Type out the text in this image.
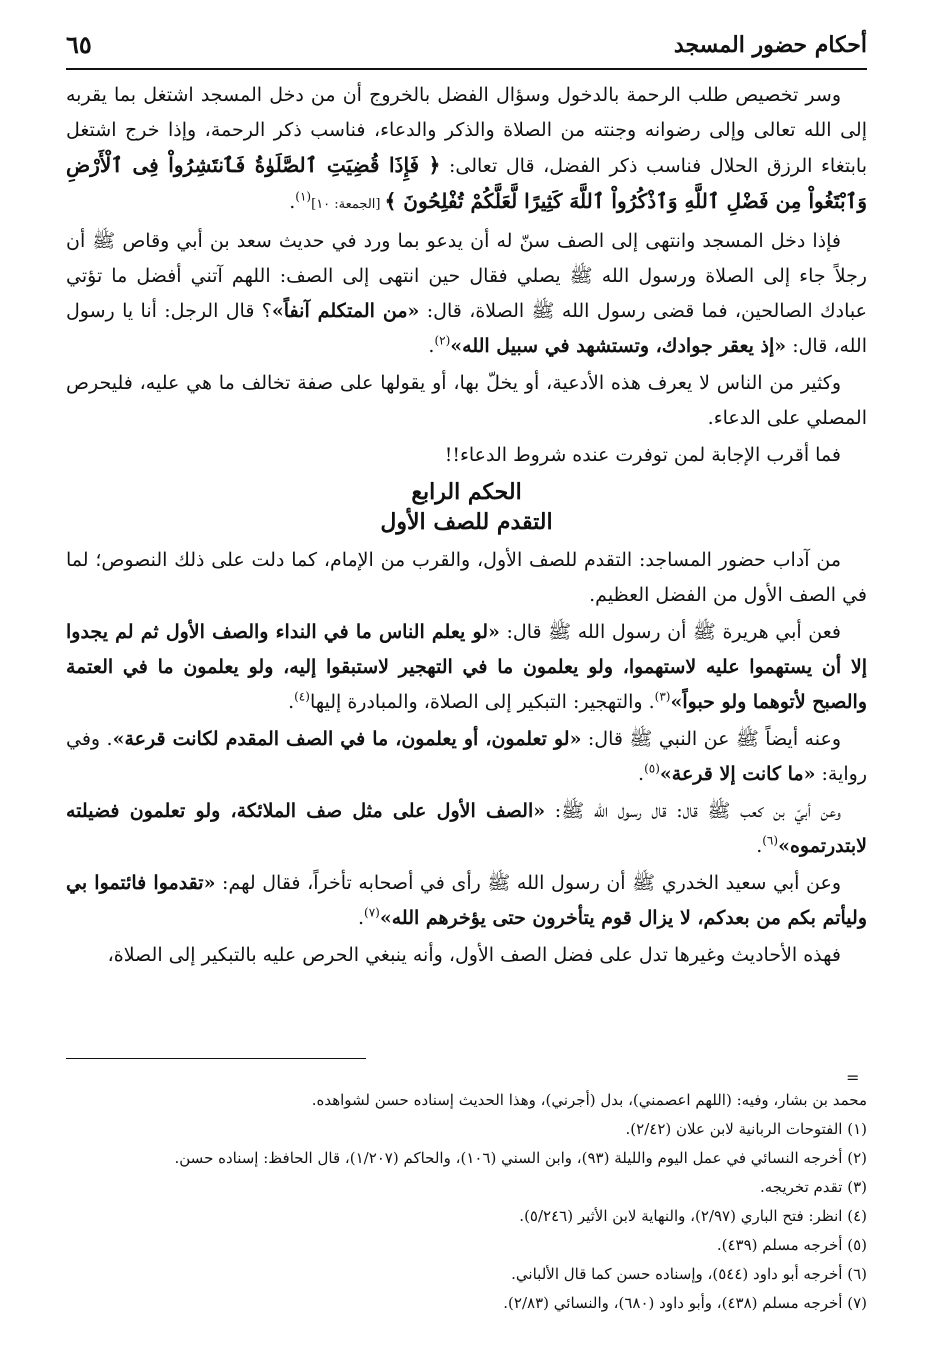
أحكام حضور المسجد
٦٥

وسر تخصيص طلب الرحمة بالدخول وسؤال الفضل بالخروج أن من دخل المسجد اشتغل بما يقربه إلى الله تعالى وإلى رضوانه وجنته من الصلاة والذكر والدعاء، فناسب ذكر الرحمة، وإذا خرج اشتغل بابتغاء الرزق الحلال فناسب ذكر الفضل، قال تعالى: ﴿ فَإِذَا قُضِيَتِ ٱلصَّلَوٰةُ فَٱنتَشِرُواْ فِى ٱلْأَرْضِ وَٱبْتَغُواْ مِن فَضْلِ ٱللَّهِ وَٱذْكُرُواْ ٱللَّهَ كَثِيرًا لَّعَلَّكُمْ تُفْلِحُونَ ﴾ [الجمعة: ١٠]$^{(١)}$.

فإذا دخل المسجد وانتهى إلى الصف سنّ له أن يدعو بما ورد في حديث سعد بن أبي وقاص ﷺ أن رجلاً جاء إلى الصلاة ورسول الله ﷺ يصلي فقال حين انتهى إلى الصف: اللهم آتني أفضل ما تؤتي عبادك الصالحين، فما قضى رسول الله ﷺ الصلاة، قال: «من المتكلم آنفاً»؟ قال الرجل: أنا يا رسول الله، قال: «إذ يعقر جوادك، وتستشهد في سبيل الله»$^{(٢)}$.

وكثير من الناس لا يعرف هذه الأدعية، أو يخلّ بها، أو يقولها على صفة تخالف ما هي عليه، فليحرص المصلي على الدعاء.

فما أقرب الإجابة لمن توفرت عنده شروط الدعاء!!

الحكم الرابع
التقدم للصف الأول

من آداب حضور المساجد: التقدم للصف الأول، والقرب من الإمام، كما دلت على ذلك النصوص؛ لما في الصف الأول من الفضل العظيم.

فعن أبي هريرة ﷺ أن رسول الله ﷺ قال: «لو يعلم الناس ما في النداء والصف الأول ثم لم يجدوا إلا أن يستهموا عليه لاستهموا، ولو يعلمون ما في التهجير لاستبقوا إليه، ولو يعلمون ما في العتمة والصبح لأتوهما ولو حبواً»$^{(٣)}$. والتهجير: التبكير إلى الصلاة، والمبادرة إليها$^{(٤)}$.

وعنه أيضاً ﷺ عن النبي ﷺ قال: «لو تعلمون، أو يعلمون، ما في الصف المقدم لكانت قرعة». وفي رواية: «ما كانت إلا قرعة»$^{(٥)}$.

وعن أبيّ بن كعب ﷺ قال: قال رسول الله ﷺ: «الصف الأول على مثل صف الملائكة، ولو تعلمون فضيلته لابتدرتموه»$^{(٦)}$.

وعن أبي سعيد الخدري ﷺ أن رسول الله ﷺ رأى في أصحابه تأخراً، فقال لهم: «تقدموا فائتموا بي وليأتم بكم من بعدكم، لا يزال قوم يتأخرون حتى يؤخرهم الله»$^{(٧)}$.

فهذه الأحاديث وغيرها تدل على فضل الصف الأول، وأنه ينبغي الحرص عليه بالتبكير إلى الصلاة،

=

محمد بن بشار، وفيه: (اللهم اعصمني)، بدل (أجرني)، وهذا الحديث إسناده حسن لشواهده.

(١) الفتوحات الربانية لابن علان (٢/٤٢).

(٢) أخرجه النسائي في عمل اليوم والليلة (٩٣)، وابن السني (١٠٦)، والحاكم (١/٢٠٧)، قال الحافظ: إسناده حسن.

(٣) تقدم تخريجه.

(٤) انظر: فتح الباري (٢/٩٧)، والنهاية لابن الأثير (٥/٢٤٦).

(٥) أخرجه مسلم (٤٣٩).

(٦) أخرجه أبو داود (٥٤٤)، وإسناده حسن كما قال الألباني.

(٧) أخرجه مسلم (٤٣٨)، وأبو داود (٦٨٠)، والنسائي (٢/٨٣).
